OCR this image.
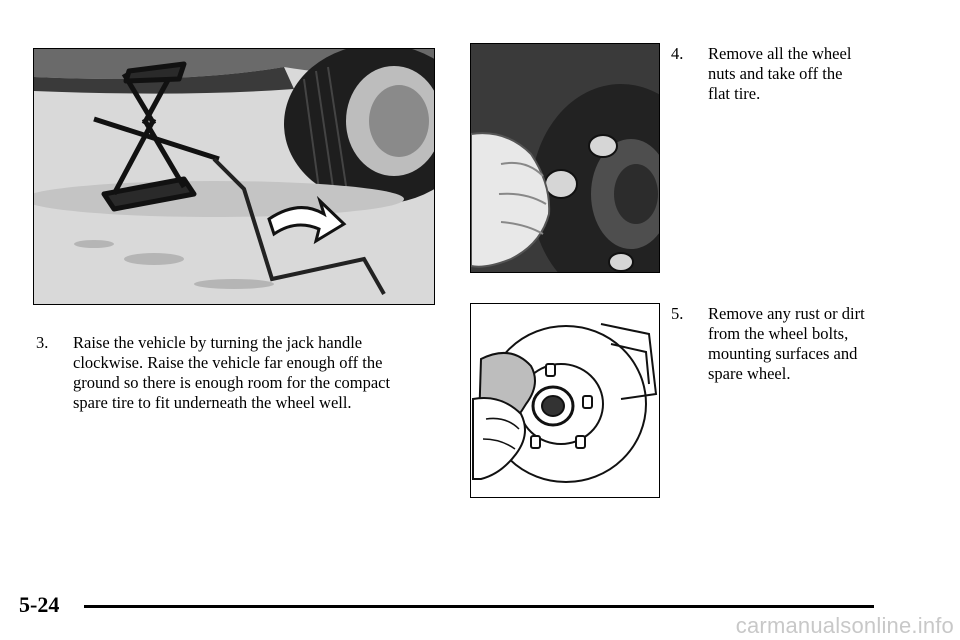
3.	Raise the vehicle by turning the jack handle
clockwise. Raise the vehicle far enough off the
ground so there is enough room for the compact
spare tire to fit underneath the wheel well.

4.	Remove all the wheel
nuts and take off the
flat tire.

5.	Remove any rust or dirt
from the wheel bolts,
mounting surfaces and
spare wheel.

5-24
carmanualsonline.info
